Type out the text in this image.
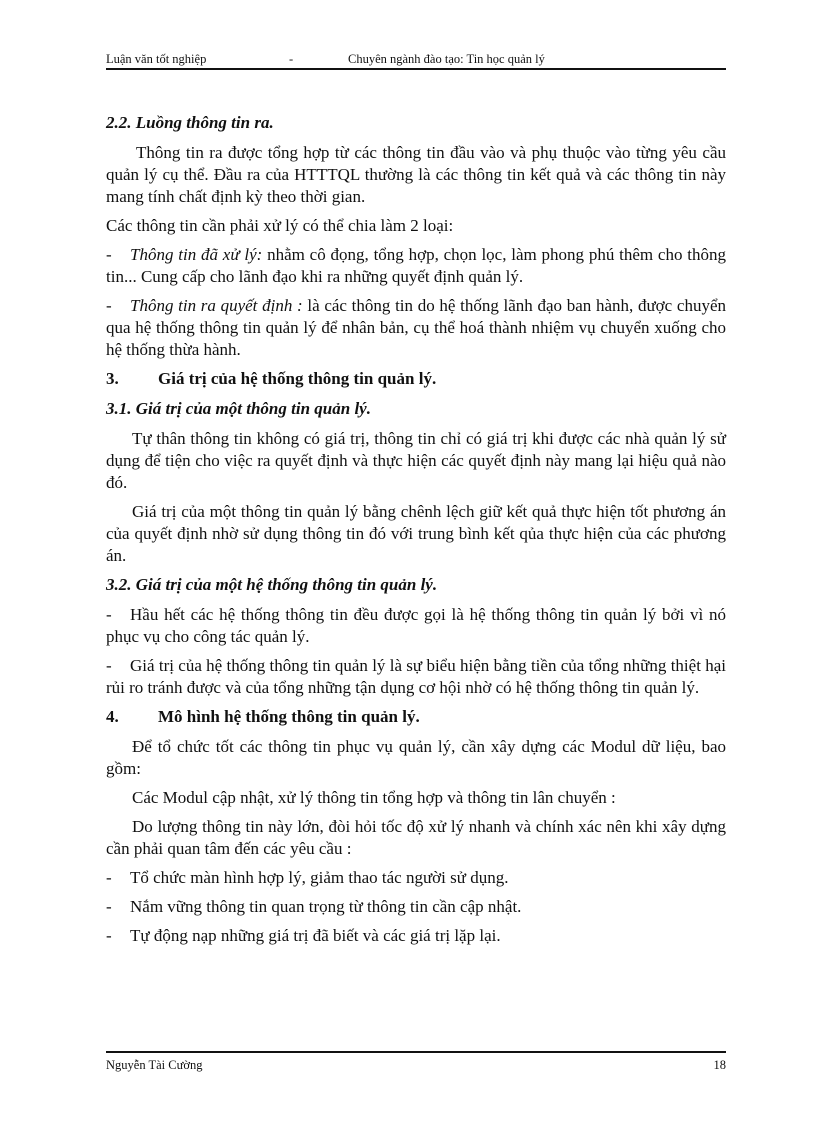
Luận văn tốt nghiệp	-	Chuyên ngành đào tạo: Tin học quản lý
2.2. Luồng thông tin ra.

Thông tin ra được tổng hợp từ các thông tin đầu vào và phụ thuộc vào từng yêu cầu quản lý cụ thể. Đầu ra của HTTTQL thường là các thông tin kết quả và các thông tin này mang tính chất định kỳ theo thời gian.

Các thông tin cần phải xử lý có thể chia làm 2 loại:

- Thông tin đã xử lý: nhằm cô đọng, tổng hợp, chọn lọc, làm phong phú thêm cho thông tin... Cung cấp cho lãnh đạo khi ra những quyết định quản lý.

- Thông tin ra quyết định : là các thông tin do hệ thống lãnh đạo ban hành, được chuyển qua hệ thống thông tin quản lý để nhân bản, cụ thể hoá thành nhiệm vụ chuyển xuống cho hệ thống thừa hành.

3. Giá trị của hệ thống thông tin quản lý.
3.1. Giá trị của một thông tin quản lý.

Tự thân thông tin không có giá trị, thông tin chỉ có giá trị khi được các nhà quản lý sử dụng để tiện cho việc ra quyết định và thực hiện các quyết định này mang lại hiệu quả nào đó.

Giá trị của một thông tin quản lý bằng chênh lệch giữ kết quả thực hiện tốt phương án của quyết định nhờ sử dụng thông tin đó với trung bình kết qủa thực hiện của các phương án.

3.2. Giá trị của một hệ thống thông tin quản lý.

- Hầu hết các hệ thống thông tin đều được gọi là hệ thống thông tin quản lý bởi vì nó phục vụ cho công tác quản lý.

- Giá trị của hệ thống thông tin quản lý là sự biểu hiện bằng tiền của tổng những thiệt hại rủi ro tránh được và của tổng những tận dụng cơ hội nhờ có hệ thống thông tin quản lý.

4. Mô hình hệ thống thông tin quản lý.

Để tổ chức tốt các thông tin phục vụ quản lý, cần xây dựng các Modul dữ liệu, bao gồm:

Các Modul cập nhật, xử lý thông tin tổng hợp và thông tin lân chuyển :

Do lượng thông tin này lớn, đòi hỏi tốc độ xử lý nhanh và chính xác nên khi xây dựng cần phải quan tâm đến các yêu cầu :

- Tổ chức màn hình hợp lý, giảm thao tác người sử dụng.

- Nắm vững thông tin quan trọng từ thông tin cần cập nhật.

- Tự động nạp những giá trị đã biết và các giá trị lặp lại.

Nguyễn Tài Cường	18
